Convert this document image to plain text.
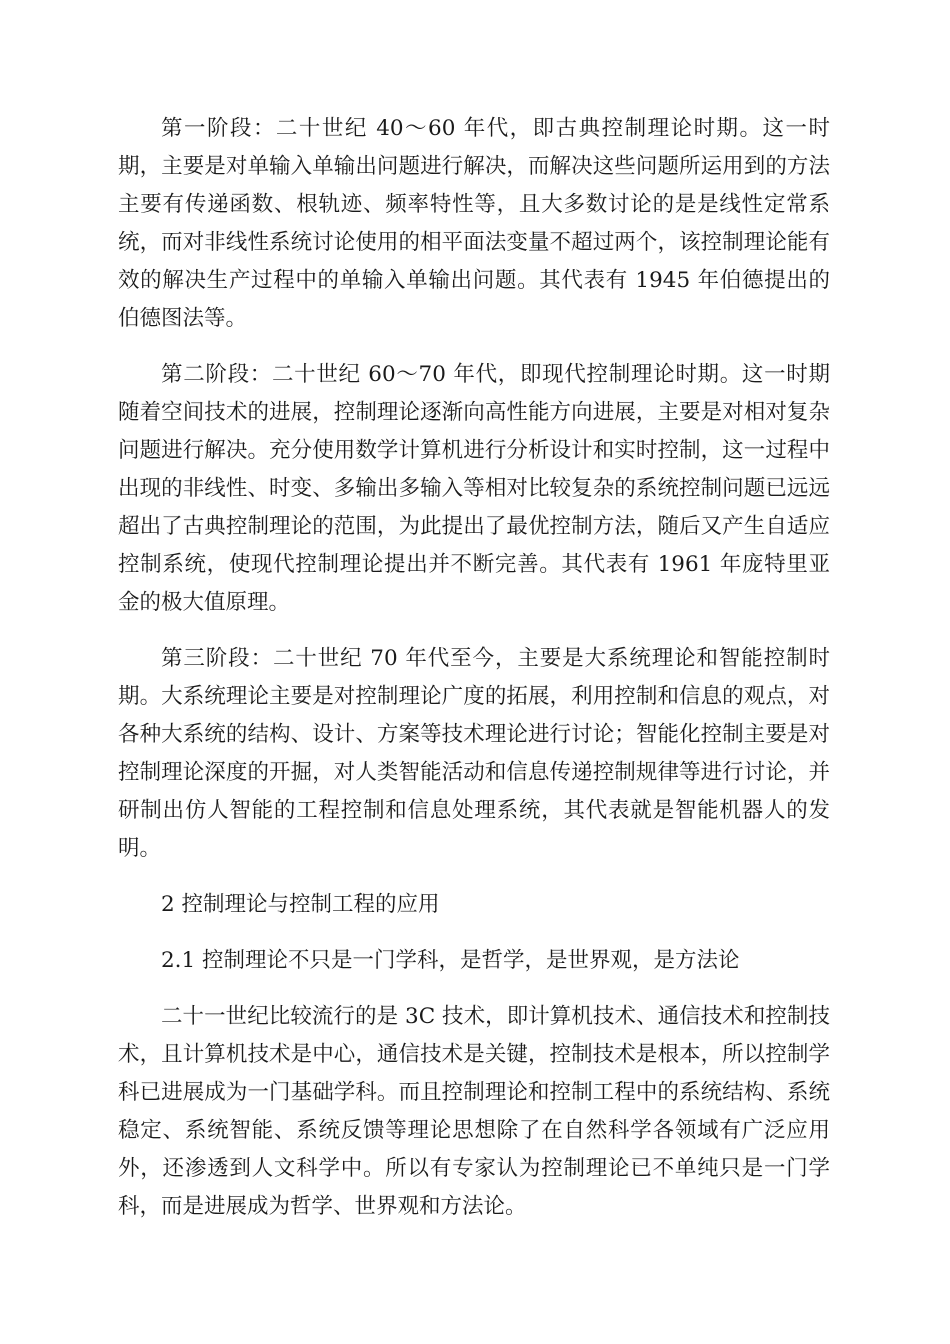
第一阶段：二十世纪 40～60 年代，即古典控制理论时期。这一时期，主要是对单输入单输出问题进行解决，而解决这些问题所运用到的方法主要有传递函数、根轨迹、频率特性等，且大多数讨论的是是线性定常系统，而对非线性系统讨论使用的相平面法变量不超过两个，该控制理论能有效的解决生产过程中的单输入单输出问题。其代表有 1945 年伯德提出的伯德图法等。

第二阶段：二十世纪 60～70 年代，即现代控制理论时期。这一时期随着空间技术的进展，控制理论逐渐向高性能方向进展，主要是对相对复杂问题进行解决。充分使用数学计算机进行分析设计和实时控制，这一过程中出现的非线性、时变、多输出多输入等相对比较复杂的系统控制问题已远远超出了古典控制理论的范围，为此提出了最优控制方法，随后又产生自适应控制系统，使现代控制理论提出并不断完善。其代表有 1961 年庞特里亚金的极大值原理。

第三阶段：二十世纪 70 年代至今，主要是大系统理论和智能控制时期。大系统理论主要是对控制理论广度的拓展，利用控制和信息的观点，对各种大系统的结构、设计、方案等技术理论进行讨论；智能化控制主要是对控制理论深度的开掘，对人类智能活动和信息传递控制规律等进行讨论，并研制出仿人智能的工程控制和信息处理系统，其代表就是智能机器人的发明。

2 控制理论与控制工程的应用

2.1 控制理论不只是一门学科，是哲学，是世界观，是方法论

二十一世纪比较流行的是 3C 技术，即计算机技术、通信技术和控制技术，且计算机技术是中心，通信技术是关键，控制技术是根本，所以控制学科已进展成为一门基础学科。而且控制理论和控制工程中的系统结构、系统稳定、系统智能、系统反馈等理论思想除了在自然科学各领域有广泛应用外，还渗透到人文科学中。所以有专家认为控制理论已不单纯只是一门学科，而是进展成为哲学、世界观和方法论。
